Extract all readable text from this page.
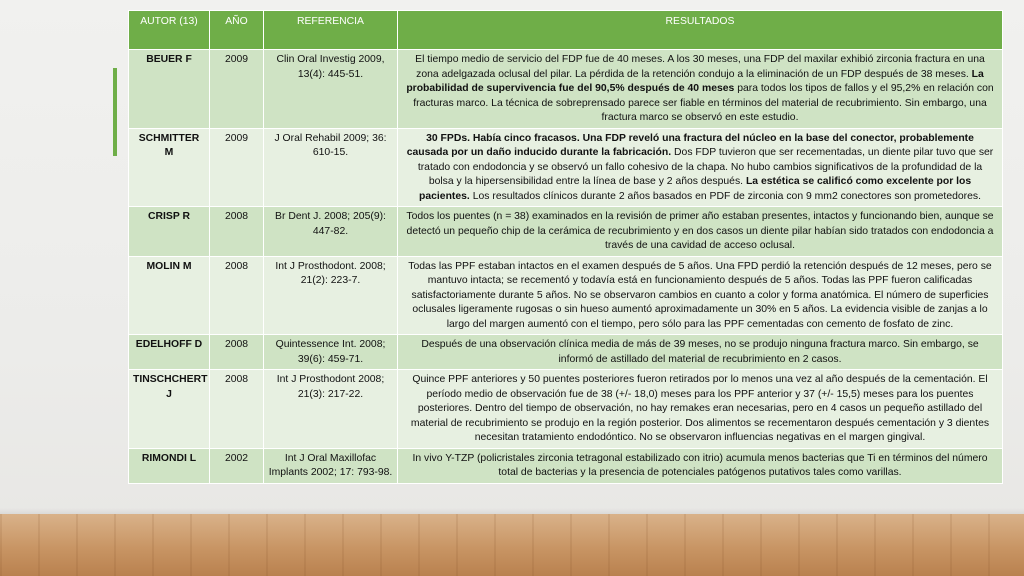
AUTOR (13)	AÑO	REFERENCIA	RESULTADOS
BEUER F	2009	Clin Oral Investig 2009, 13(4): 445-51.	El tiempo medio de servicio del FDP fue de 40 meses. A los 30 meses, una FDP del maxilar exhibió zirconia fractura en una zona adelgazada oclusal del pilar. La pérdida de la retención condujo a la eliminación de un FDP después de 38 meses. La probabilidad de supervivencia fue del 90,5% después de 40 meses para todos los tipos de fallos y el 95,2% en relación con fracturas marco. La técnica de sobreprensado parece ser fiable en términos del material de recubrimiento. Sin embargo, una fractura marco se observó en este estudio.
SCHMITTER M	2009	J Oral Rehabil 2009; 36: 610-15.	30 FPDs. Había cinco fracasos. Una FDP reveló una fractura del núcleo en la base del conector, probablemente causada por un daño inducido durante la fabricación. Dos FDP tuvieron que ser recementadas, un diente pilar tuvo que ser tratado con endodoncia y se observó un fallo cohesivo de la chapa. No hubo cambios significativos de la profundidad de la bolsa y la hipersensibilidad entre la línea de base y 2 años después. La estética se calificó como excelente por los pacientes. Los resultados clínicos durante 2 años basados en PDF de zirconia con 9 mm2 conectores son prometedores.
CRISP R	2008	Br Dent J. 2008; 205(9): 447-82.	Todos los puentes (n = 38) examinados en la revisión de primer año estaban presentes, intactos y funcionando bien, aunque se detectó un pequeño chip de la cerámica de recubrimiento y en dos casos un diente pilar habían sido tratados con endodoncia a través de una cavidad de acceso oclusal.
MOLIN M	2008	Int J Prosthodont. 2008; 21(2): 223-7.	Todas las PPF estaban intactos en el examen después de 5 años. Una FPD perdió la retención después de 12 meses, pero se mantuvo intacta; se recementó y todavía está en funcionamiento después de 5 años. Todas las PPF fueron calificadas satisfactoriamente durante 5 años. No se observaron cambios en cuanto a color y forma anatómica. El número de superficies oclusales ligeramente rugosas o sin hueso aumentó aproximadamente un 30% en 5 años. La evidencia visible de zanjas a lo largo del margen aumentó con el tiempo, pero sólo para las PPF cementadas con cemento de fosfato de zinc.
EDELHOFF D	2008	Quintessence Int. 2008; 39(6): 459-71.	Después de una observación clínica media de más de 39 meses, no se produjo ninguna fractura marco. Sin embargo, se informó de astillado del material de recubrimiento en 2 casos.
TINSCHCHERT J	2008	Int J Prosthodont 2008; 21(3): 217-22.	Quince PPF anteriores y 50 puentes posteriores fueron retirados por lo menos una vez al año después de la cementación. El período medio de observación fue de 38 (+/- 18,0) meses para los PPF anterior y 37 (+/- 15,5) meses para los puentes posteriores. Dentro del tiempo de observación, no hay remakes eran necesarias, pero en 4 casos un pequeño astillado del material de recubrimiento se produjo en la región posterior. Dos alimentos se recementaron después cementación y 3 dientes necesitan tratamiento endodóntico. No se observaron influencias negativas en el margen gingival.
RIMONDI L	2002	Int J Oral Maxillofac Implants 2002; 17: 793-98.	In vivo Y-TZP (policristales zirconia tetragonal estabilizado con itrio) acumula menos bacterias que Ti en términos del número total de bacterias y la presencia de potenciales patógenos putativos tales como varillas.
